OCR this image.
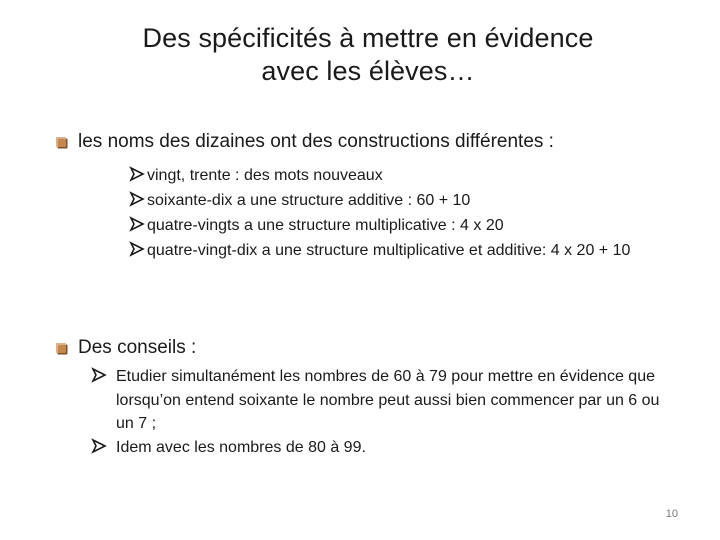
Des spécificités à mettre en évidence
avec les élèves…
les noms des dizaines ont des constructions différentes :
vingt, trente : des mots nouveaux
soixante-dix a une structure additive : 60 + 10
quatre-vingts a une structure multiplicative : 4 x 20
quatre-vingt-dix a une structure multiplicative et additive: 4 x 20 + 10
Des conseils :
Etudier simultanément les nombres de 60 à 79 pour mettre en évidence que lorsqu’on entend soixante le nombre peut aussi bien commencer par un 6 ou un 7 ;
Idem avec les nombres de 80 à 99.
10
